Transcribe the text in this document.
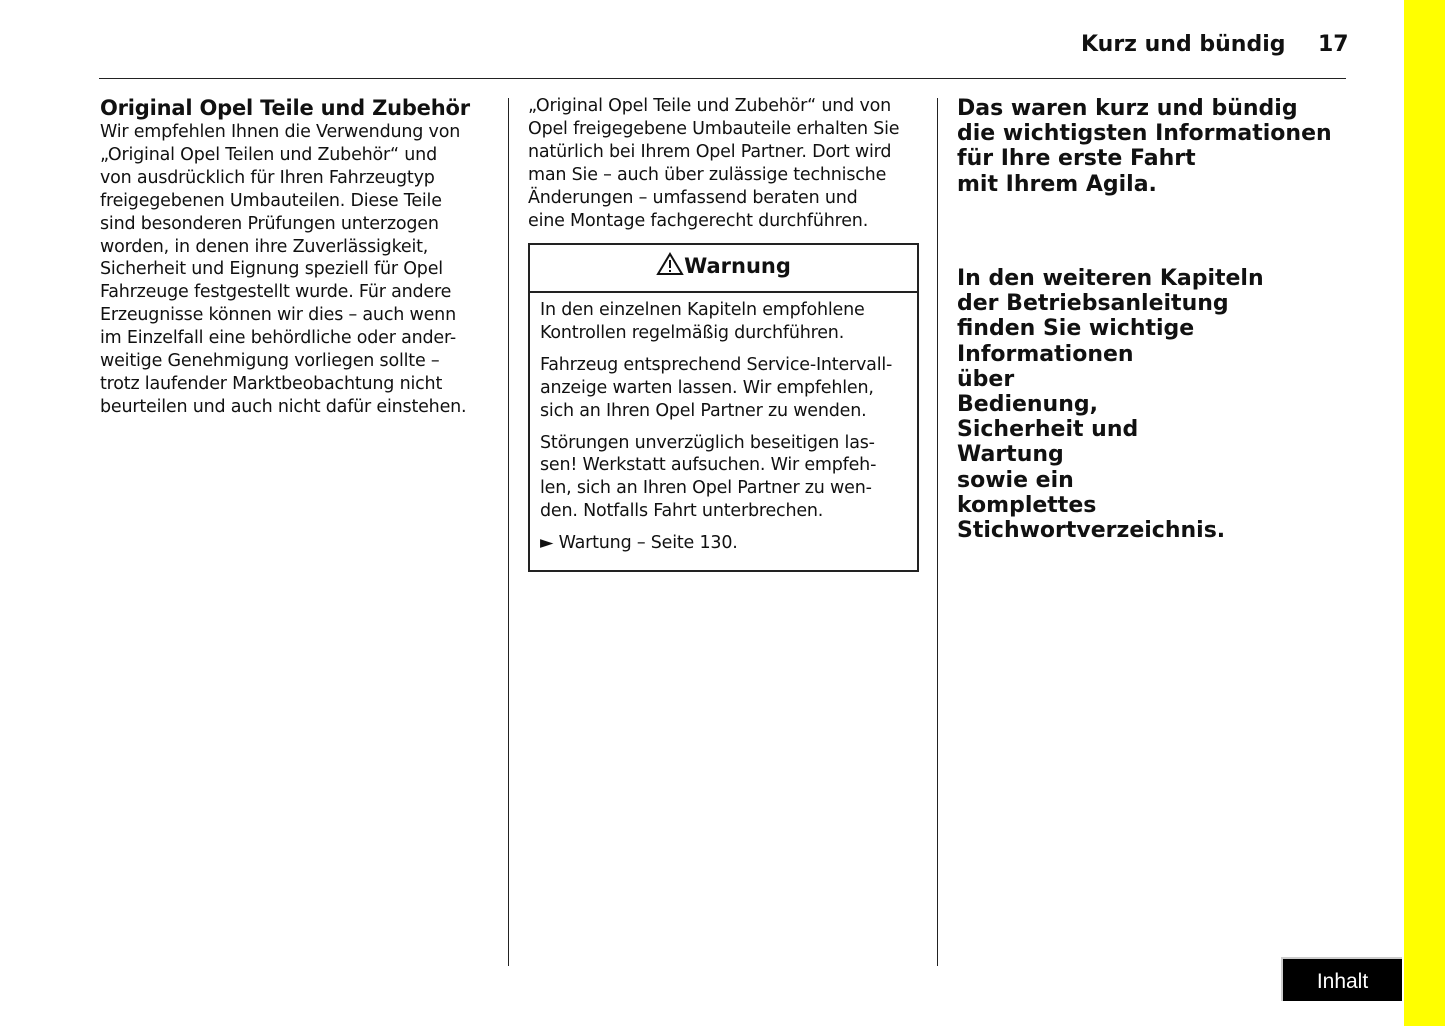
Kurz und bündig 17
Original Opel Teile und Zubehör
Wir empfehlen Ihnen die Verwendung von
„Original Opel Teilen und Zubehör“ und
von ausdrücklich für Ihren Fahrzeugtyp
freigegebenen Umbauteilen. Diese Teile
sind besonderen Prüfungen unterzogen
worden, in denen ihre Zuverlässigkeit,
Sicherheit und Eignung speziell für Opel
Fahrzeuge festgestellt wurde. Für andere
Erzeugnisse können wir dies – auch wenn
im Einzelfall eine behördliche oder ander-
weitige Genehmigung vorliegen sollte –
trotz laufender Marktbeobachtung nicht
beurteilen und auch nicht dafür einstehen.
„Original Opel Teile und Zubehör“ und von
Opel freigegebene Umbauteile erhalten Sie
natürlich bei Ihrem Opel Partner. Dort wird
man Sie – auch über zulässige technische
Änderungen – umfassend beraten und
eine Montage fachgerecht durchführen.
Warnung
In den einzelnen Kapiteln empfohlene
Kontrollen regelmäßig durchführen.
Fahrzeug entsprechend Service-Intervall-
anzeige warten lassen. Wir empfehlen,
sich an Ihren Opel Partner zu wenden.
Störungen unverzüglich beseitigen las-
sen! Werkstatt aufsuchen. Wir empfeh-
len, sich an Ihren Opel Partner zu wen-
den. Notfalls Fahrt unterbrechen.
► Wartung – Seite 130.
Das waren kurz und bündig
die wichtigsten Informationen
für Ihre erste Fahrt
mit Ihrem Agila.
In den weiteren Kapiteln
der Betriebsanleitung
finden Sie wichtige
Informationen
über
Bedienung,
Sicherheit und
Wartung
sowie ein
komplettes
Stichwortverzeichnis.
Inhalt
